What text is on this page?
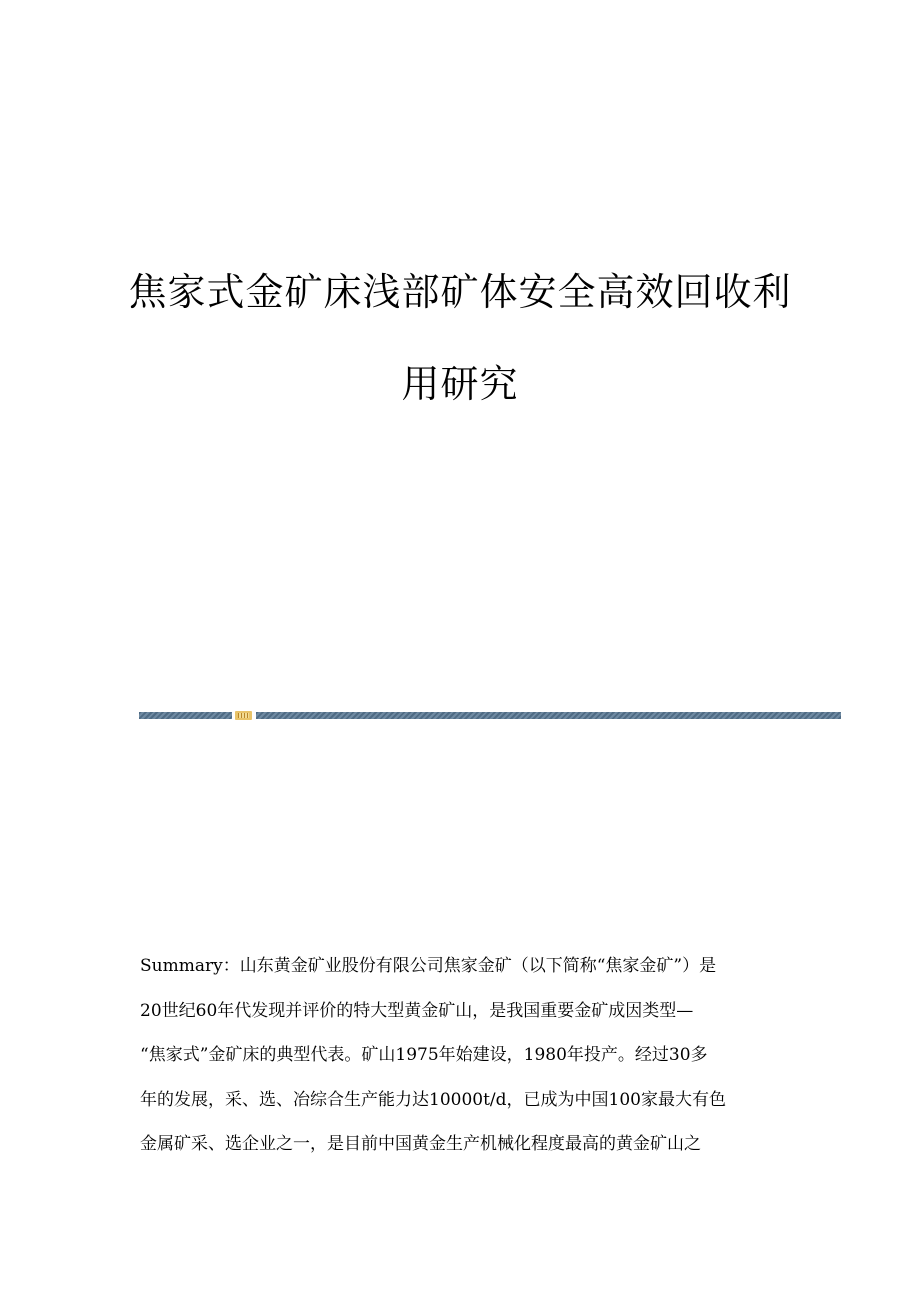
焦家式金矿床浅部矿体安全高效回收利
用研究
Summary：山东黄金矿业股份有限公司焦家金矿（以下简称“焦家金矿”）是
20世纪60年代发现并评价的特大型黄金矿山，是我国重要金矿成因类型—
“焦家式”金矿床的典型代表。矿山1975年始建设，1980年投产。经过30多
年的发展，采、选、冶综合生产能力达10000t/d，已成为中国100家最大有色
金属矿采、选企业之一，是目前中国黄金生产机械化程度最高的黄金矿山之
